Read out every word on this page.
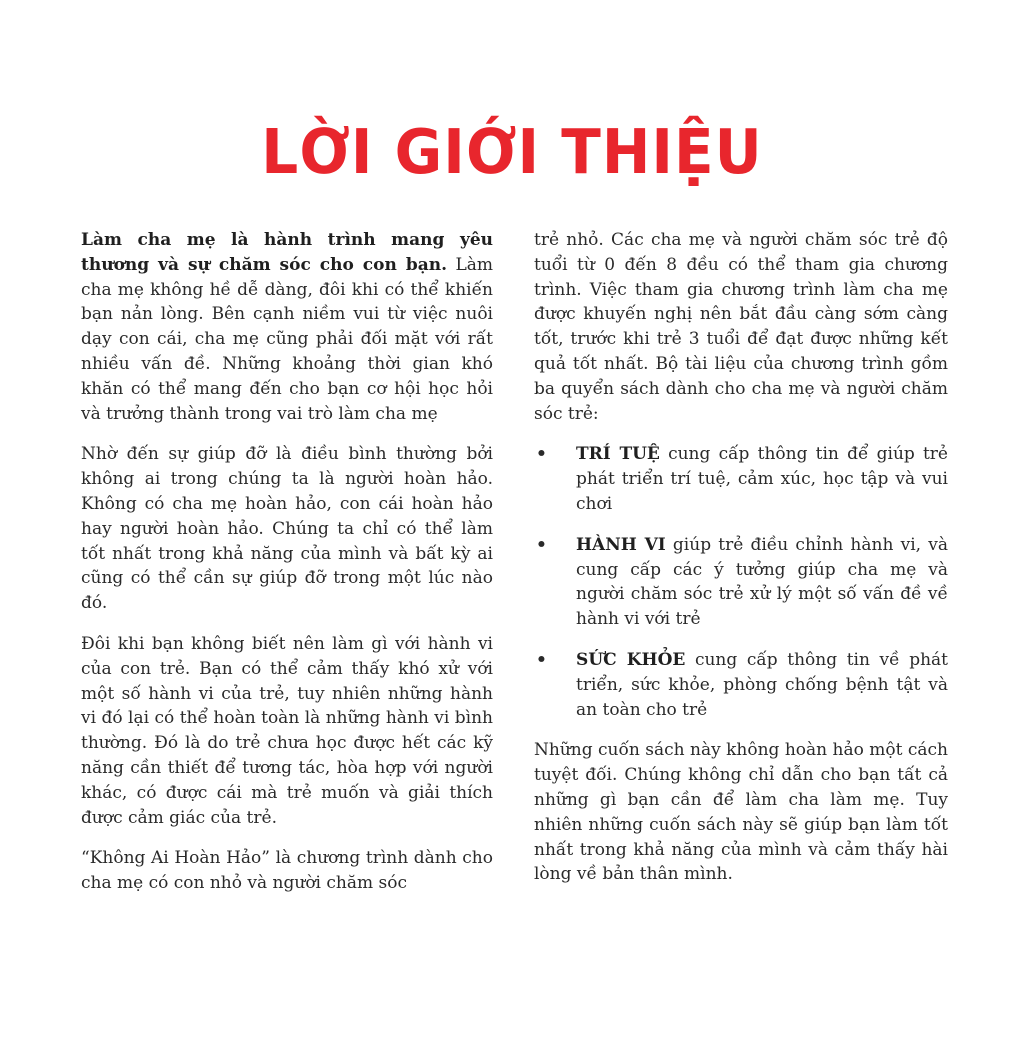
LỜI GIỚI THIỆU

Làm cha mẹ là hành trình mang yêu thương và sự chăm sóc cho con bạn. Làm cha mẹ không hề dễ dàng, đôi khi có thể khiến bạn nản lòng. Bên cạnh niềm vui từ việc nuôi dạy con cái, cha mẹ cũng phải đối mặt với rất nhiều vấn đề. Những khoảng thời gian khó khăn có thể mang đến cho bạn cơ hội học hỏi và trưởng thành trong vai trò làm cha mẹ

Nhờ đến sự giúp đỡ là điều bình thường bởi không ai trong chúng ta là người hoàn hảo. Không có cha mẹ hoàn hảo, con cái hoàn hảo hay người hoàn hảo. Chúng ta chỉ có thể làm tốt nhất trong khả năng của mình và bất kỳ ai cũng có thể cần sự giúp đỡ trong một lúc nào đó.

Đôi khi bạn không biết nên làm gì với hành vi của con trẻ. Bạn có thể cảm thấy khó xử với một số hành vi của trẻ, tuy nhiên những hành vi đó lại có thể hoàn toàn là những hành vi bình thường. Đó là do trẻ chưa học được hết các kỹ năng cần thiết để tương tác, hòa hợp với người khác, có được cái mà trẻ muốn và giải thích được cảm giác của trẻ.

“Không Ai Hoàn Hảo” là chương trình dành cho cha mẹ có con nhỏ và người chăm sóc

trẻ nhỏ. Các cha mẹ và người chăm sóc trẻ độ tuổi từ 0 đến 8 đều có thể tham gia chương trình. Việc tham gia chương trình làm cha mẹ được khuyến nghị nên bắt đầu càng sớm càng tốt, trước khi trẻ 3 tuổi để đạt được những kết quả tốt nhất. Bộ tài liệu của chương trình gồm ba quyển sách dành cho cha mẹ và người chăm sóc trẻ:

• TRÍ TUỆ cung cấp thông tin để giúp trẻ phát triển trí tuệ, cảm xúc, học tập và vui chơi
• HÀNH VI giúp trẻ điều chỉnh hành vi, và cung cấp các ý tưởng giúp cha mẹ và người chăm sóc trẻ xử lý một số vấn đề về hành vi với trẻ
• SỨC KHỎE cung cấp thông tin về phát triển, sức khỏe, phòng chống bệnh tật và an toàn cho trẻ

Những cuốn sách này không hoàn hảo một cách tuyệt đối. Chúng không chỉ dẫn cho bạn tất cả những gì bạn cần để làm cha làm mẹ. Tuy nhiên những cuốn sách này sẽ giúp bạn làm tốt nhất trong khả năng của mình và cảm thấy hài lòng về bản thân mình.
